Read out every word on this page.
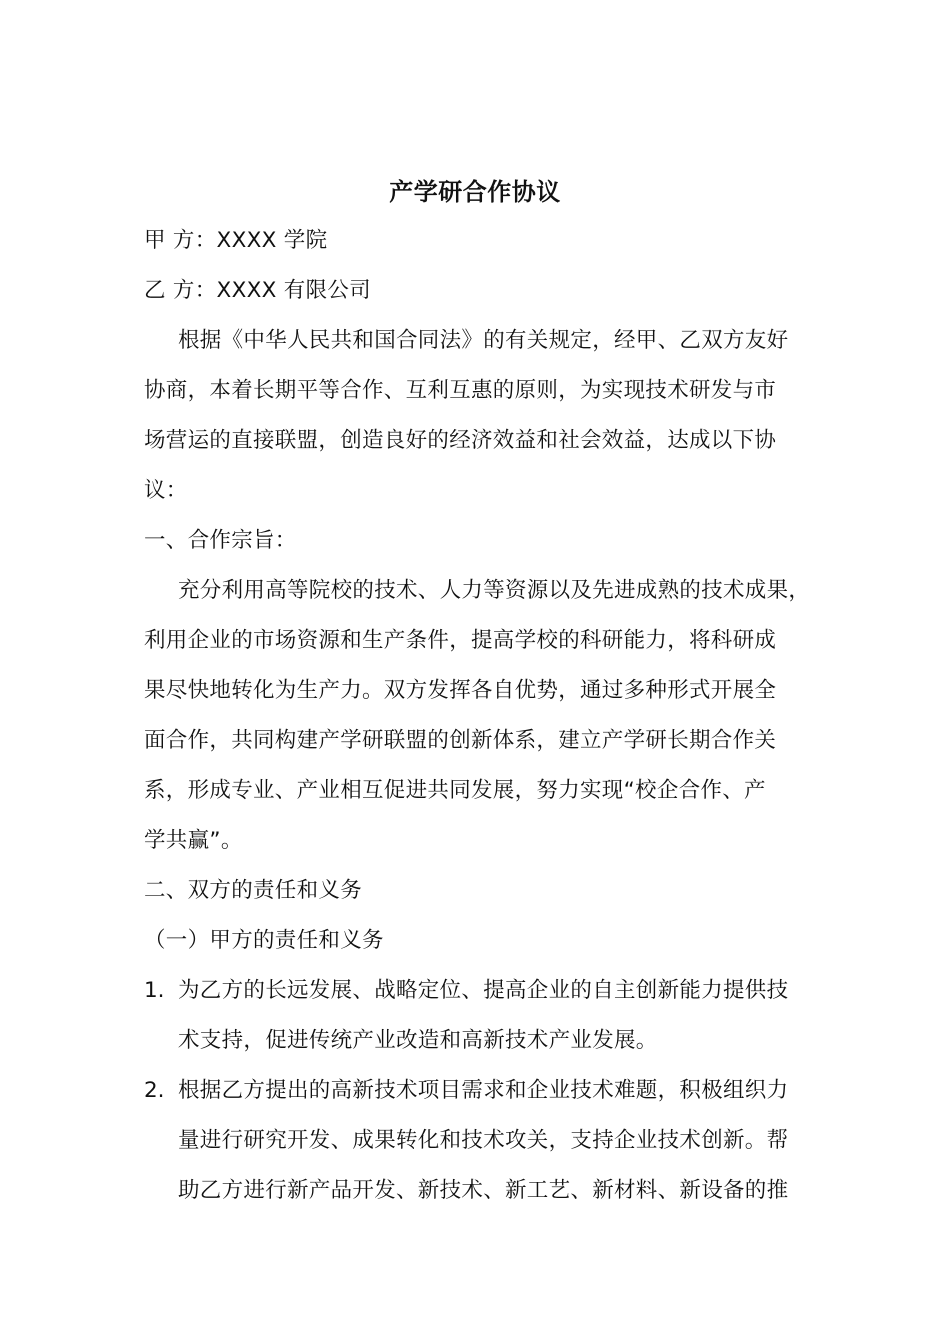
产学研合作协议
甲 方：XXXX 学院
乙 方：XXXX 有限公司
根据《中华人民共和国合同法》的有关规定，经甲、乙双方友好
协商，本着长期平等合作、互利互惠的原则，为实现技术研发与市
场营运的直接联盟，创造良好的经济效益和社会效益，达成以下协
议：
一、合作宗旨：
充分利用高等院校的技术、人力等资源以及先进成熟的技术成果，
利用企业的市场资源和生产条件，提高学校的科研能力，将科研成
果尽快地转化为生产力。双方发挥各自优势，通过多种形式开展全
面合作，共同构建产学研联盟的创新体系，建立产学研长期合作关
系，形成专业、产业相互促进共同发展，努力实现“校企合作、产
学共赢”。
二、双方的责任和义务
（一）甲方的责任和义务
1. 为乙方的长远发展、战略定位、提高企业的自主创新能力提供技
术支持，促进传统产业改造和高新技术产业发展。
2. 根据乙方提出的高新技术项目需求和企业技术难题，积极组织力
量进行研究开发、成果转化和技术攻关，支持企业技术创新。帮
助乙方进行新产品开发、新技术、新工艺、新材料、新设备的推
